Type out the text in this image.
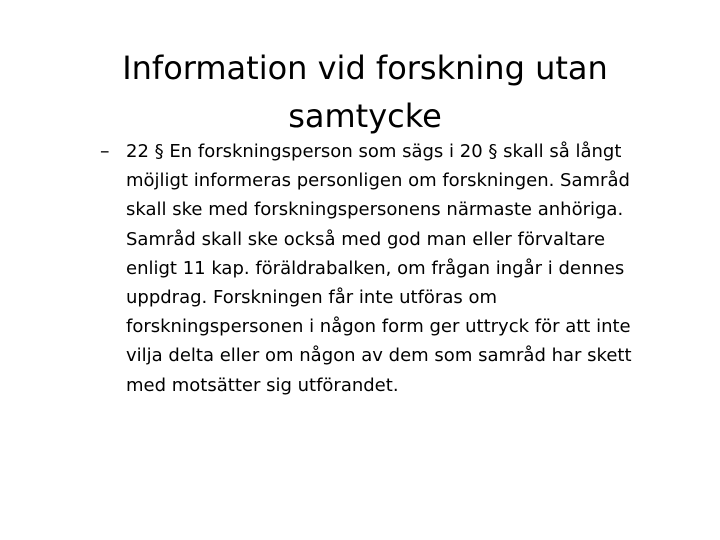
Information vid forskning utan samtycke
– 22 § En forskningsperson som sägs i 20 § skall så långt möjligt informeras personligen om forskningen. Samråd skall ske med forskningspersonens närmaste anhöriga. Samråd skall ske också med god man eller förvaltare enligt 11 kap. föräldrabalken, om frågan ingår i dennes uppdrag. Forskningen får inte utföras om forskningspersonen i någon form ger uttryck för att inte vilja delta eller om någon av dem som samråd har skett med motsätter sig utförandet.
